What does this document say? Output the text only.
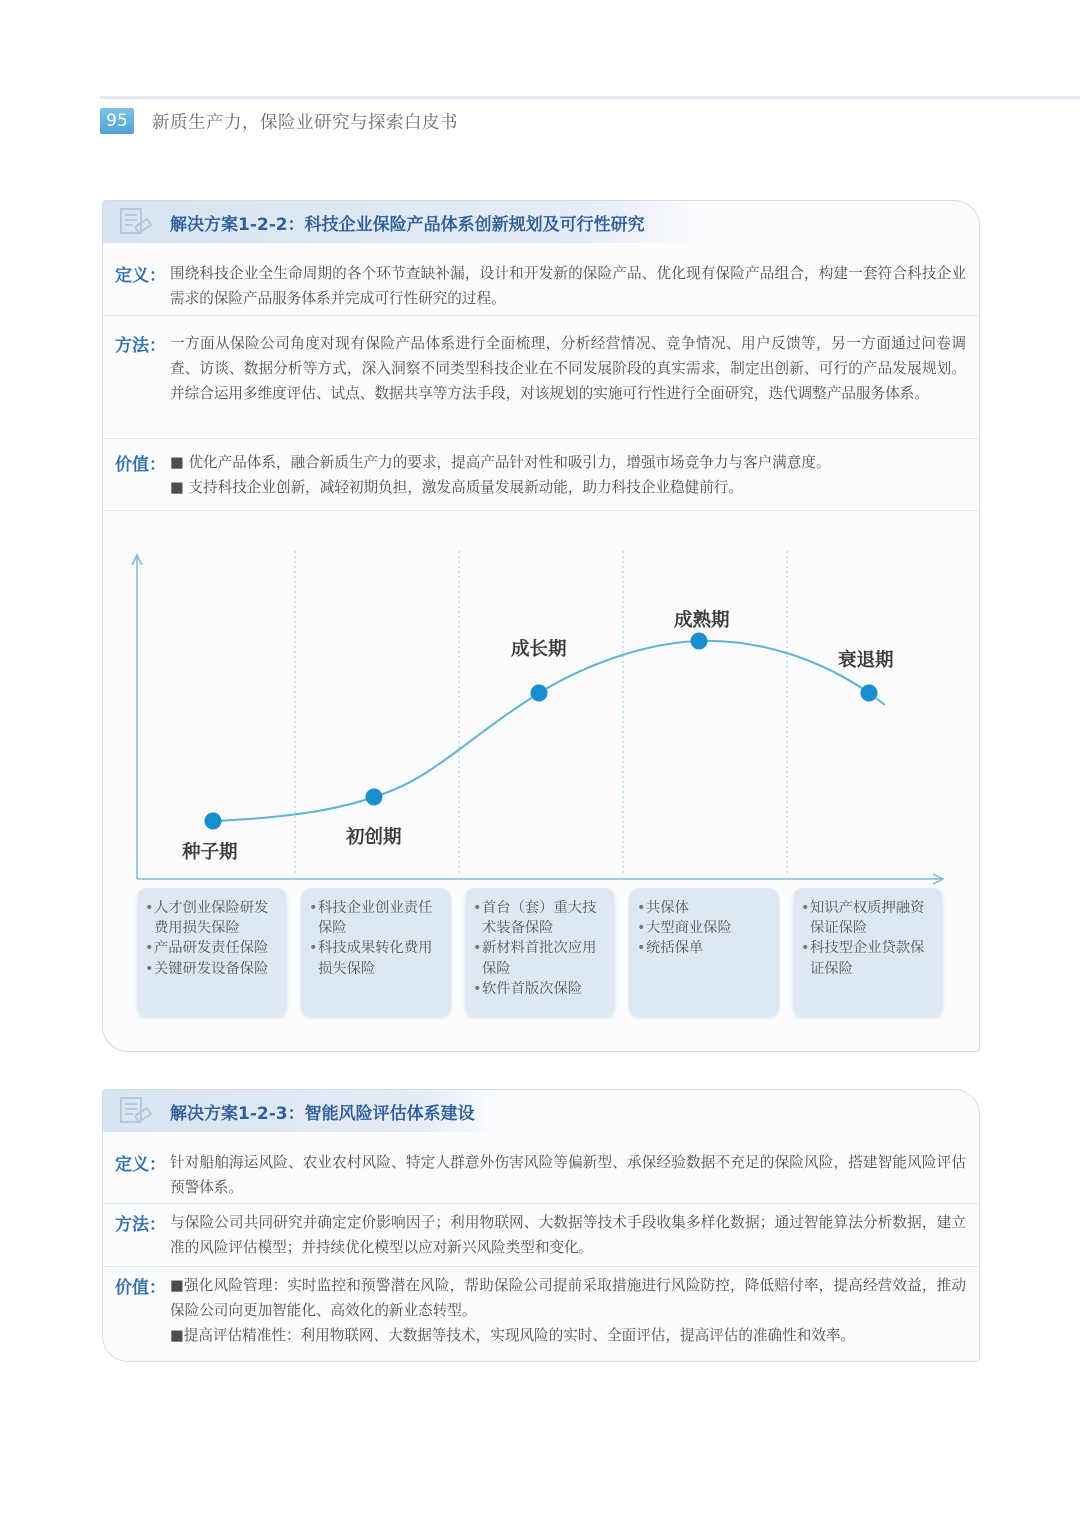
95	新质生产力，保险业研究与探索白皮书
解决方案1-2-2：科技企业保险产品体系创新规划及可行性研究
定义： 围绕科技企业全生命周期的各个环节查缺补漏，设计和开发新的保险产品、优化现有保险产品组合，构建一套符合科技企业需求的保险产品服务体系并完成可行性研究的过程。
方法： 一方面从保险公司角度对现有保险产品体系进行全面梳理，分析经营情况、竞争情况、用户反馈等，另一方面通过问卷调查、访谈、数据分析等方式，深入洞察不同类型科技企业在不同发展阶段的真实需求，制定出创新、可行的产品发展规划。并综合运用多维度评估、试点、数据共享等方法手段，对该规划的实施可行性进行全面研究，迭代调整产品服务体系。
价值： ■ 优化产品体系，融合新质生产力的要求，提高产品针对性和吸引力，增强市场竞争力与客户满意度。

■ 支持科技企业创新，减轻初期负担，激发高质量发展新动能，助力科技企业稳健前行。

种子期
初创期
成长期
成熟期
衰退期

• 人才创业保险研发费用损失保险

• 产品研发责任保险

• 关键研发设备保险

• 科技企业创业责任保险

• 科技成果转化费用损失保险

• 首台（套）重大技术装备保险

• 新材料首批次应用保险

• 软件首版次保险

• 共保体

• 大型商业保险

• 统括保单

• 知识产权质押融资保证保险

• 科技型企业贷款保证保险

解决方案1-2-3：智能风险评估体系建设
定义： 针对船舶海运风险、农业农村风险、特定人群意外伤害风险等偏新型、承保经验数据不充足的保险风险，搭建智能风险评估预警体系。
方法： 与保险公司共同研究并确定定价影响因子；利用物联网、大数据等技术手段收集多样化数据；通过智能算法分析数据，建立准的风险评估模型；并持续优化模型以应对新兴风险类型和变化。
价值： ■强化风险管理：实时监控和预警潜在风险，帮助保险公司提前采取措施进行风险防控，降低赔付率，提高经营效益，推动保险公司向更加智能化、高效化的新业态转型。

■提高评估精准性：利用物联网、大数据等技术，实现风险的实时、全面评估，提高评估的准确性和效率。
